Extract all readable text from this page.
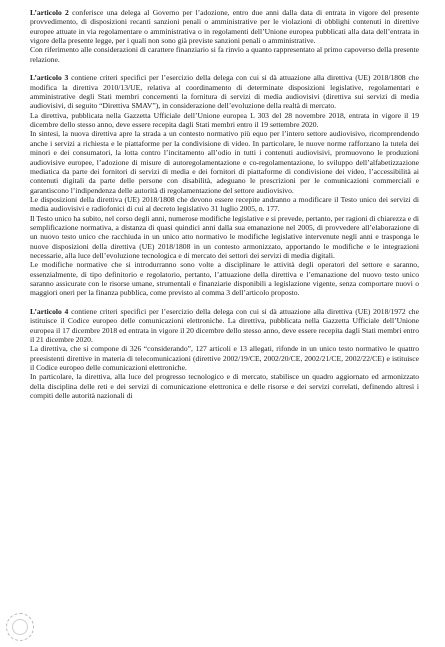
L’articolo 2 conferisce una delega al Governo per l’adozione, entro due anni dalla data di entrata in vigore del presente provvedimento, di disposizioni recanti sanzioni penali o amministrative per le violazioni di obblighi contenuti in direttive europee attuate in via regolamentare o amministrativa o in regolamenti dell’Unione europea pubblicati alla data dell’entrata in vigore della presente legge, per i quali non sono già previste sanzioni penali o amministrative.

Con riferimento alle considerazioni di carattere finanziario si fa rinvio a quanto rappresentato al primo capoverso della presente relazione.

L’articolo 3 contiene criteri specifici per l’esercizio della delega con cui si dà attuazione alla direttiva (UE) 2018/1808 che modifica la direttiva 2010/13/UE, relativa al coordinamento di determinate disposizioni legislative, regolamentari e amministrative degli Stati membri concernenti la fornitura di servizi di media audiovisivi (direttiva sui servizi di media audiovisivi, di seguito “Direttiva SMAV”), in considerazione dell’evoluzione della realtà di mercato.

La direttiva, pubblicata nella Gazzetta Ufficiale dell’Unione europea L 303 del 28 novembre 2018, entrata in vigore il 19 dicembre dello stesso anno, deve essere recepita dagli Stati membri entro il 19 settembre 2020.

In sintesi, la nuova direttiva apre la strada a un contesto normativo più equo per l’intero settore audiovisivo, ricomprendendo anche i servizi a richiesta e le piattaforme per la condivisione di video. In particolare, le nuove norme rafforzano la tutela dei minori e dei consumatori, la lotta contro l’incitamento all’odio in tutti i contenuti audiovisivi, promuovono le produzioni audiovisive europee, l’adozione di misure di autoregolamentazione e co-regolamentazione, lo sviluppo dell’alfabetizzazione mediatica da parte dei fornitori di servizi di media e dei fornitori di piattaforme di condivisione dei video, l’accessibilità ai contenuti digitali da parte delle persone con disabilità, adeguano le prescrizioni per le comunicazioni commerciali e garantiscono l’indipendenza delle autorità di regolamentazione del settore audiovisivo.

Le disposizioni della direttiva (UE) 2018/1808 che devono essere recepite andranno a modificare il Testo unico dei servizi di media audiovisivi e radiofonici di cui al decreto legislativo 31 luglio 2005, n. 177.

Il Testo unico ha subito, nel corso degli anni, numerose modifiche legislative e si prevede, pertanto, per ragioni di chiarezza e di semplificazione normativa, a distanza di quasi quindici anni dalla sua emanazione nel 2005, di provvedere all’elaborazione di un nuovo testo unico che racchiuda in un unico atto normativo le modifiche legislative intervenute negli anni e trasponga le nuove disposizioni della direttiva (UE) 2018/1808 in un contesto armonizzato, apportando le modifiche e le integrazioni necessarie, alla luce dell’evoluzione tecnologica e di mercato dei settori dei servizi di media digitali.

Le modifiche normative che si introdurranno sono volte a disciplinare le attività degli operatori del settore e saranno, essenzialmente, di tipo definitorio e regolatorio, pertanto, l’attuazione della direttiva e l’emanazione del nuovo testo unico saranno assicurate con le risorse umane, strumentali e finanziarie disponibili a legislazione vigente, senza comportare nuovi o maggiori oneri per la finanza pubblica, come previsto al comma 3 dell’articolo proposto.

L’articolo 4 contiene criteri specifici per l’esercizio della delega con cui si dà attuazione alla direttiva (UE) 2018/1972 che istituisce il Codice europeo delle comunicazioni elettroniche. La direttiva, pubblicata nella Gazzetta Ufficiale dell’Unione europea il 17 dicembre 2018 ed entrata in vigore il 20 dicembre dello stesso anno, deve essere recepita dagli Stati membri entro il 21 dicembre 2020.

La direttiva, che si compone di 326 “considerando”, 127 articoli e 13 allegati, rifonde in un unico testo normativo le quattro preesistenti direttive in materia di telecomunicazioni (direttive 2002/19/CE, 2002/20/CE, 2002/21/CE, 2002/22/CE) e istituisce il Codice europeo delle comunicazioni elettroniche.

In particolare, la direttiva, alla luce del progresso tecnologico e di mercato, stabilisce un quadro aggiornato ed armonizzato della disciplina delle reti e dei servizi di comunicazione elettronica e delle risorse e dei servizi correlati, definendo altresì i compiti delle autorità nazionali di
